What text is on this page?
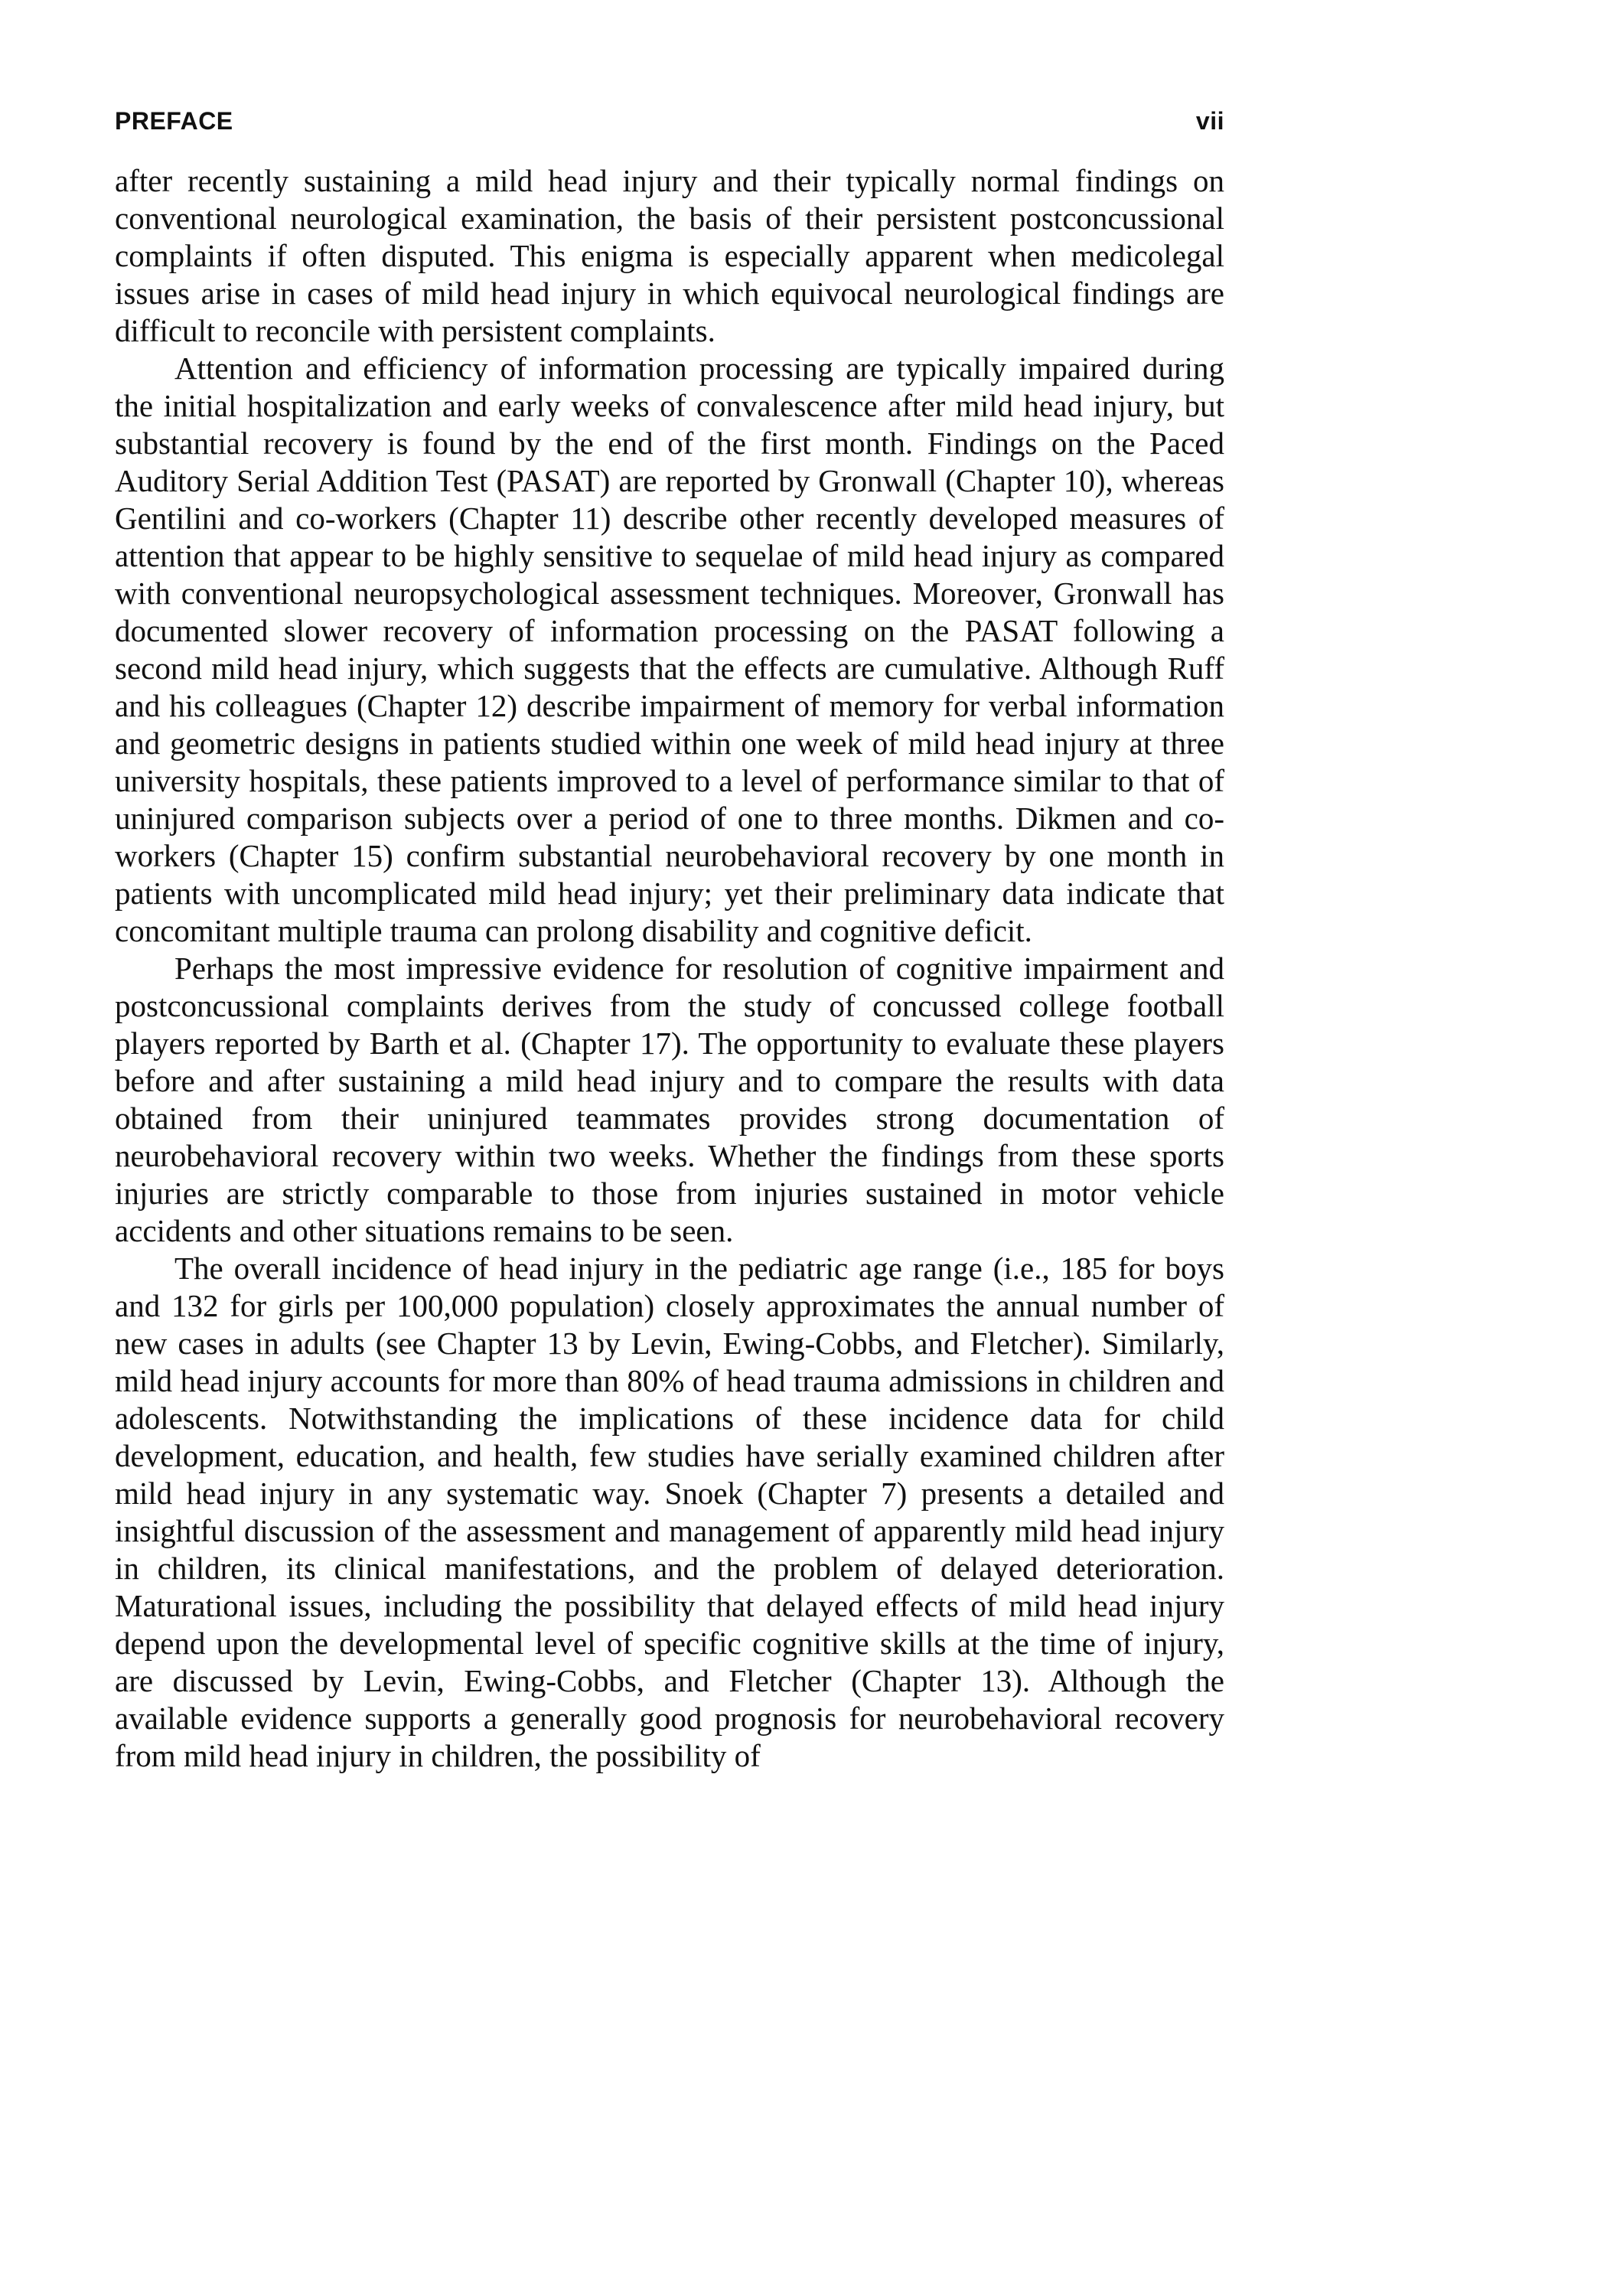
PREFACE	vii

after recently sustaining a mild head injury and their typically normal findings on conventional neurological examination, the basis of their persistent postconcussional complaints if often disputed. This enigma is especially apparent when medicolegal issues arise in cases of mild head injury in which equivocal neurological findings are difficult to reconcile with persistent complaints.

Attention and efficiency of information processing are typically impaired during the initial hospitalization and early weeks of convalescence after mild head injury, but substantial recovery is found by the end of the first month. Findings on the Paced Auditory Serial Addition Test (PASAT) are reported by Gronwall (Chapter 10), whereas Gentilini and co-workers (Chapter 11) describe other recently developed measures of attention that appear to be highly sensitive to sequelae of mild head injury as compared with conventional neuropsychological assessment techniques. Moreover, Gronwall has documented slower recovery of information processing on the PASAT following a second mild head injury, which suggests that the effects are cumulative. Although Ruff and his colleagues (Chapter 12) describe impairment of memory for verbal information and geometric designs in patients studied within one week of mild head injury at three university hospitals, these patients improved to a level of performance similar to that of uninjured comparison subjects over a period of one to three months. Dikmen and co-workers (Chapter 15) confirm substantial neurobehavioral recovery by one month in patients with uncomplicated mild head injury; yet their preliminary data indicate that concomitant multiple trauma can prolong disability and cognitive deficit.

Perhaps the most impressive evidence for resolution of cognitive impairment and postconcussional complaints derives from the study of concussed college football players reported by Barth et al. (Chapter 17). The opportunity to evaluate these players before and after sustaining a mild head injury and to compare the results with data obtained from their uninjured teammates provides strong documentation of neurobehavioral recovery within two weeks. Whether the findings from these sports injuries are strictly comparable to those from injuries sustained in motor vehicle accidents and other situations remains to be seen.

The overall incidence of head injury in the pediatric age range (i.e., 185 for boys and 132 for girls per 100,000 population) closely approximates the annual number of new cases in adults (see Chapter 13 by Levin, Ewing-Cobbs, and Fletcher). Similarly, mild head injury accounts for more than 80% of head trauma admissions in children and adolescents. Notwithstanding the implications of these incidence data for child development, education, and health, few studies have serially examined children after mild head injury in any systematic way. Snoek (Chapter 7) presents a detailed and insightful discussion of the assessment and management of apparently mild head injury in children, its clinical manifestations, and the problem of delayed deterioration. Maturational issues, including the possibility that delayed effects of mild head injury depend upon the developmental level of specific cognitive skills at the time of injury, are discussed by Levin, Ewing-Cobbs, and Fletcher (Chapter 13). Although the available evidence supports a generally good prognosis for neurobehavioral recovery from mild head injury in children, the possibility of
